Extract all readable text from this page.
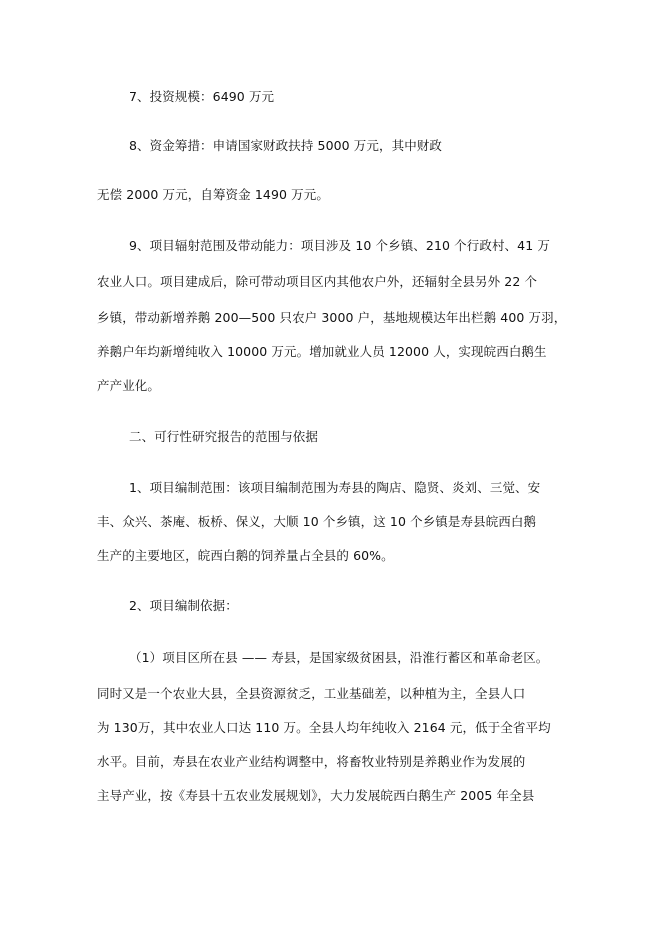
7、投资规模：6490 万元
8、资金筹措：申请国家财政扶持 5000 万元，其中财政
无偿 2000 万元，自筹资金 1490 万元。
9、项目辐射范围及带动能力：项目涉及 10 个乡镇、210 个行政村、41 万
农业人口。项目建成后，除可带动项目区内其他农户外，还辐射全县另外 22 个
乡镇，带动新增养鹅 200—500 只农户 3000 户，基地规模达年出栏鹅 400 万羽，
养鹅户年均新增纯收入 10000 万元。增加就业人员 12000 人，实现皖西白鹅生
产产业化。
二、可行性研究报告的范围与依据
1、项目编制范围：该项目编制范围为寿县的陶店、隐贤、炎刘、三觉、安
丰、众兴、茶庵、板桥、保义，大顺 10 个乡镇，这 10 个乡镇是寿县皖西白鹅
生产的主要地区，皖西白鹅的饲养量占全县的 60%。
2、项目编制依据：
（1）项目区所在县 —— 寿县，是国家级贫困县，沿淮行蓄区和革命老区。
同时又是一个农业大县，全县资源贫乏，工业基础差，以种植为主，全县人口
为 130万，其中农业人口达 110 万。全县人均年纯收入 2164 元，低于全省平均
水平。目前，寿县在农业产业结构调整中，将畜牧业特别是养鹅业作为发展的
主导产业，按《寿县十五农业发展规划》，大力发展皖西白鹅生产 2005 年全县
